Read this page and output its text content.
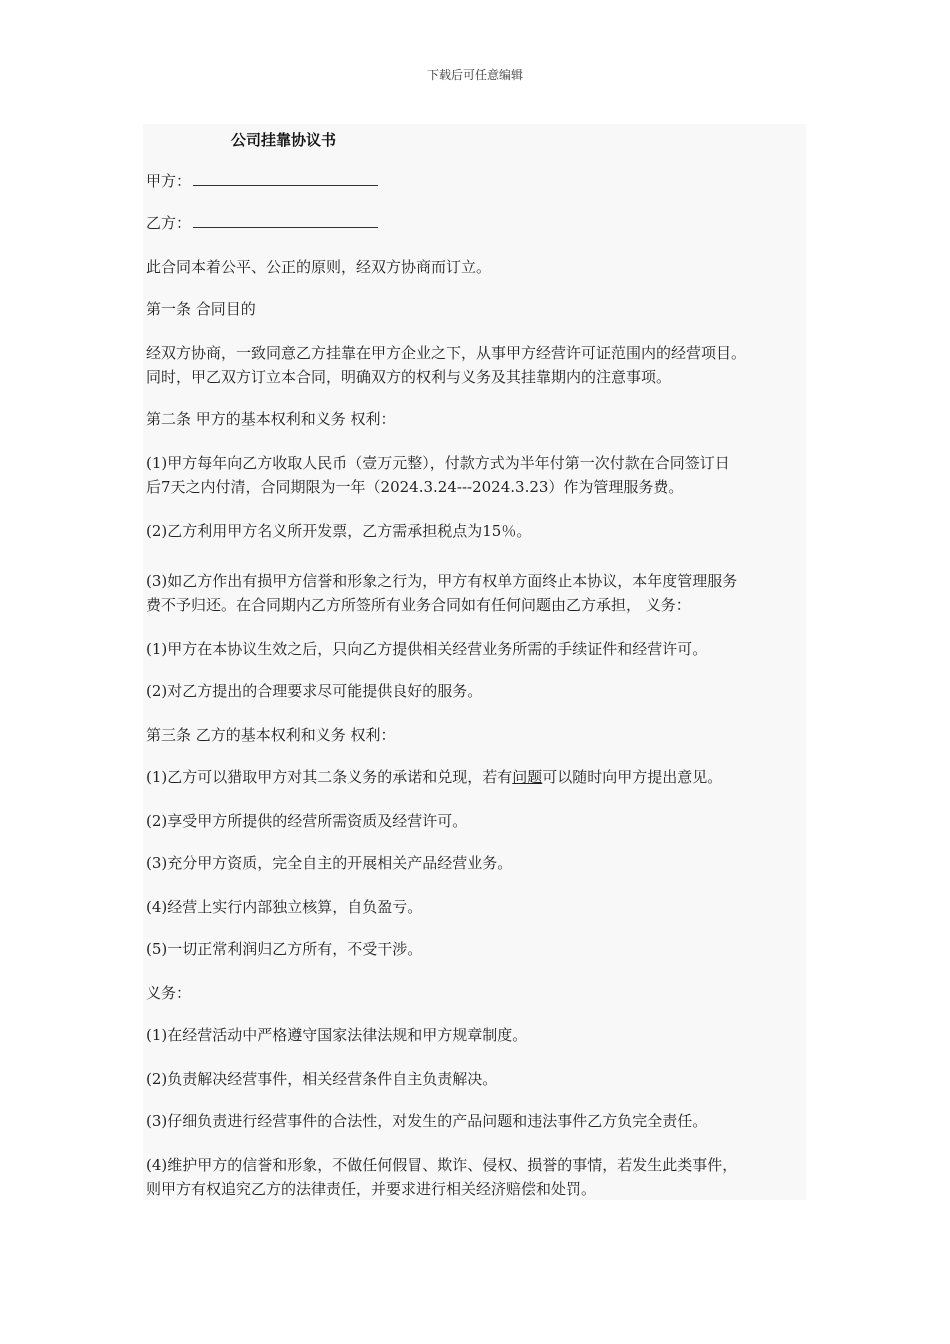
下载后可任意编辑
公司挂靠协议书
甲方：
乙方：
此合同本着公平、公正的原则，经双方协商而订立。
第一条 合同目的
经双方协商，一致同意乙方挂靠在甲方企业之下，从事甲方经营许可证范围内的经营项目。
同时，甲乙双方订立本合同，明确双方的权利与义务及其挂靠期内的注意事项。
第二条 甲方的基本权利和义务 权利：
(1)甲方每年向乙方收取人民币（壹万元整），付款方式为半年付第一次付款在合同签订日
后7天之内付清，合同期限为一年（2024.3.24---2024.3.23）作为管理服务费。
(2)乙方利用甲方名义所开发票，乙方需承担税点为15％。
(3)如乙方作出有损甲方信誉和形象之行为，甲方有权单方面终止本协议，本年度管理服务
费不予归还。在合同期内乙方所签所有业务合同如有任何问题由乙方承担， 义务：
(1)甲方在本协议生效之后，只向乙方提供相关经营业务所需的手续证件和经营许可。
(2)对乙方提出的合理要求尽可能提供良好的服务。
第三条 乙方的基本权利和义务 权利：
(1)乙方可以猎取甲方对其二条义务的承诺和兑现，若有问题可以随时向甲方提出意见。
(2)享受甲方所提供的经营所需资质及经营许可。
(3)充分甲方资质，完全自主的开展相关产品经营业务。
(4)经营上实行内部独立核算，自负盈亏。
(5)一切正常利润归乙方所有，不受干涉。
义务：
(1)在经营活动中严格遵守国家法律法规和甲方规章制度。
(2)负责解决经营事件，相关经营条件自主负责解决。
(3)仔细负责进行经营事件的合法性，对发生的产品问题和违法事件乙方负完全责任。
(4)维护甲方的信誉和形象，不做任何假冒、欺诈、侵权、损誉的事情，若发生此类事件，
则甲方有权追究乙方的法律责任，并要求进行相关经济赔偿和处罚。
